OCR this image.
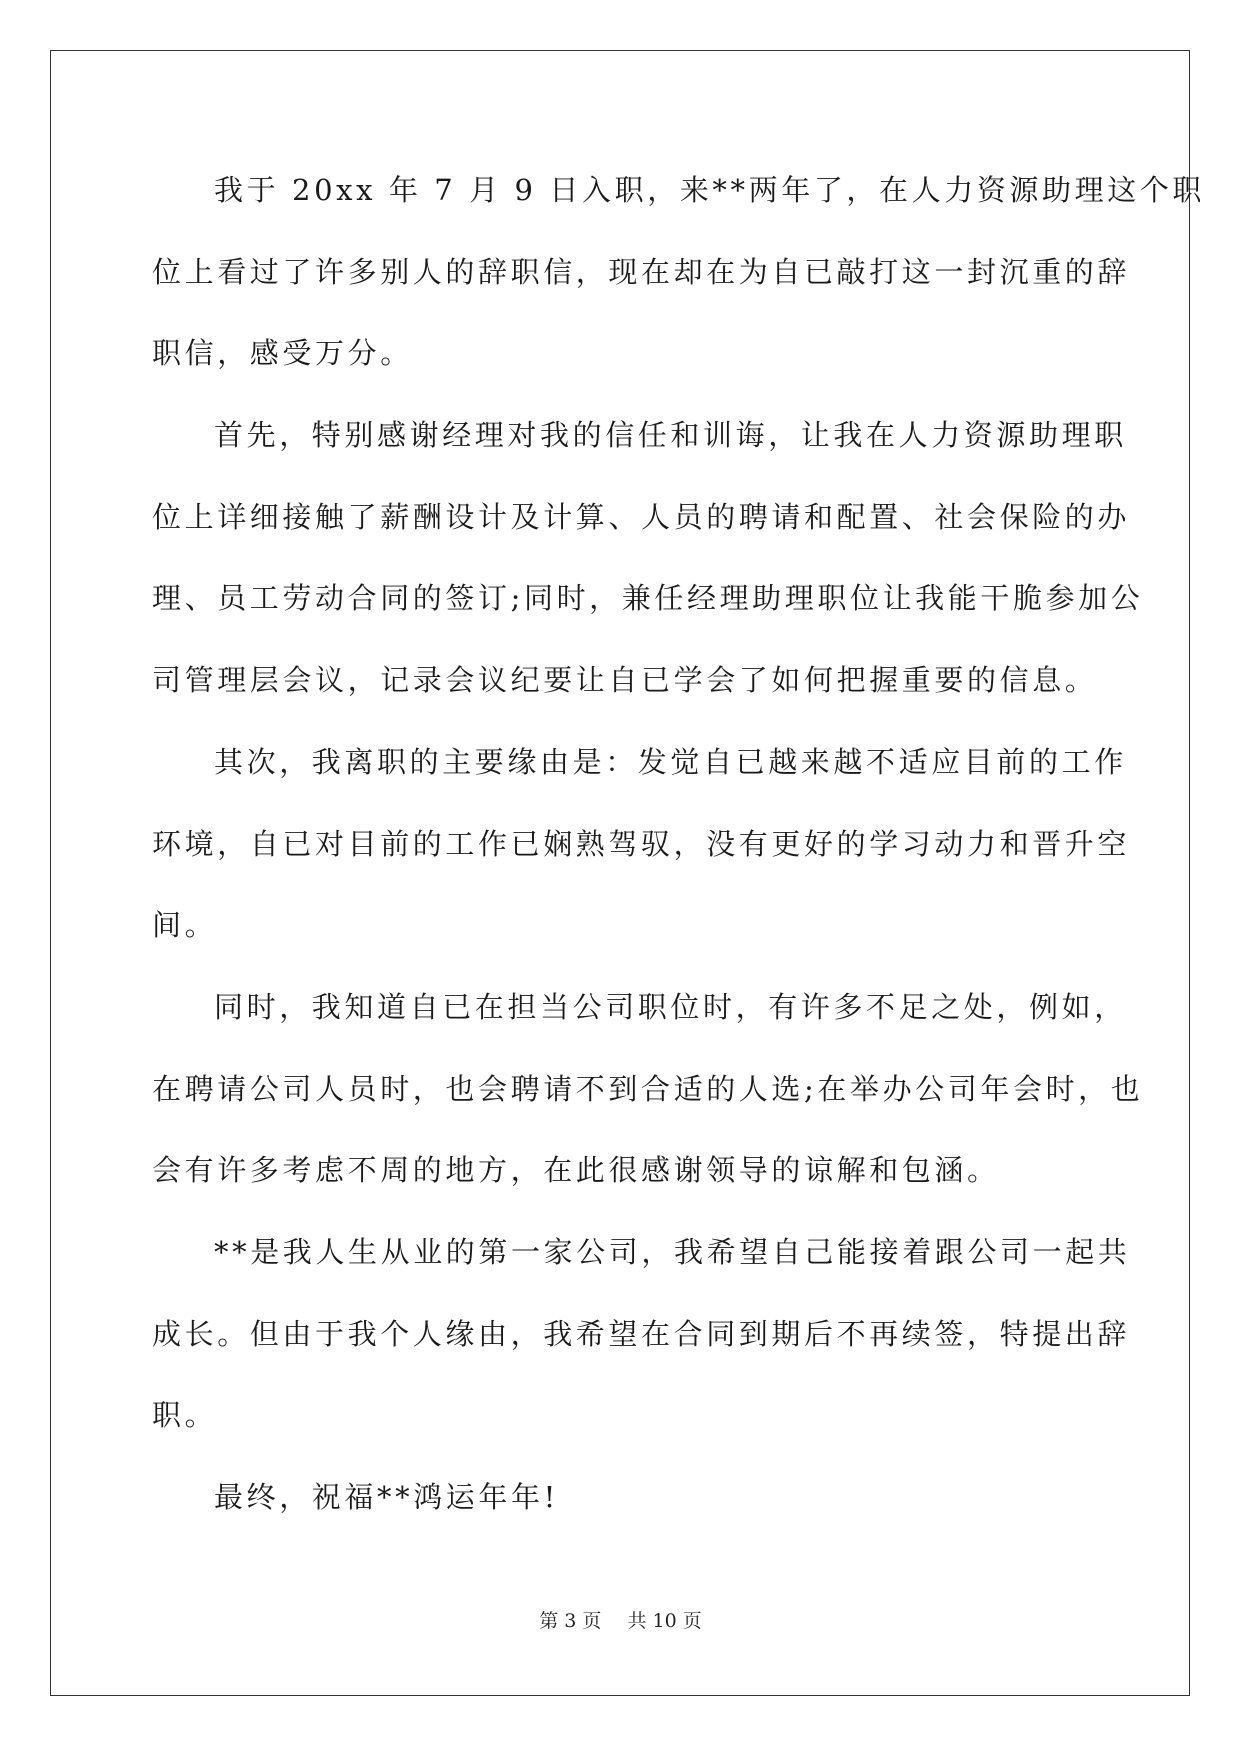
我于 20xx 年 7 月 9 日入职，来**两年了，在人力资源助理这个职
位上看过了许多别人的辞职信，现在却在为自已敲打这一封沉重的辞
职信，感受万分。
首先，特别感谢经理对我的信任和训诲，让我在人力资源助理职
位上详细接触了薪酬设计及计算、人员的聘请和配置、社会保险的办
理、员工劳动合同的签订;同时，兼任经理助理职位让我能干脆参加公
司管理层会议，记录会议纪要让自已学会了如何把握重要的信息。
其次，我离职的主要缘由是：发觉自已越来越不适应目前的工作
环境，自已对目前的工作已娴熟驾驭，没有更好的学习动力和晋升空
间。
同时，我知道自已在担当公司职位时，有许多不足之处，例如，
在聘请公司人员时，也会聘请不到合适的人选;在举办公司年会时，也
会有许多考虑不周的地方，在此很感谢领导的谅解和包涵。
**是我人生从业的第一家公司，我希望自己能接着跟公司一起共
成长。但由于我个人缘由，我希望在合同到期后不再续签，特提出辞
职。
最终，祝福**鸿运年年!
第 3 页 共 10 页
